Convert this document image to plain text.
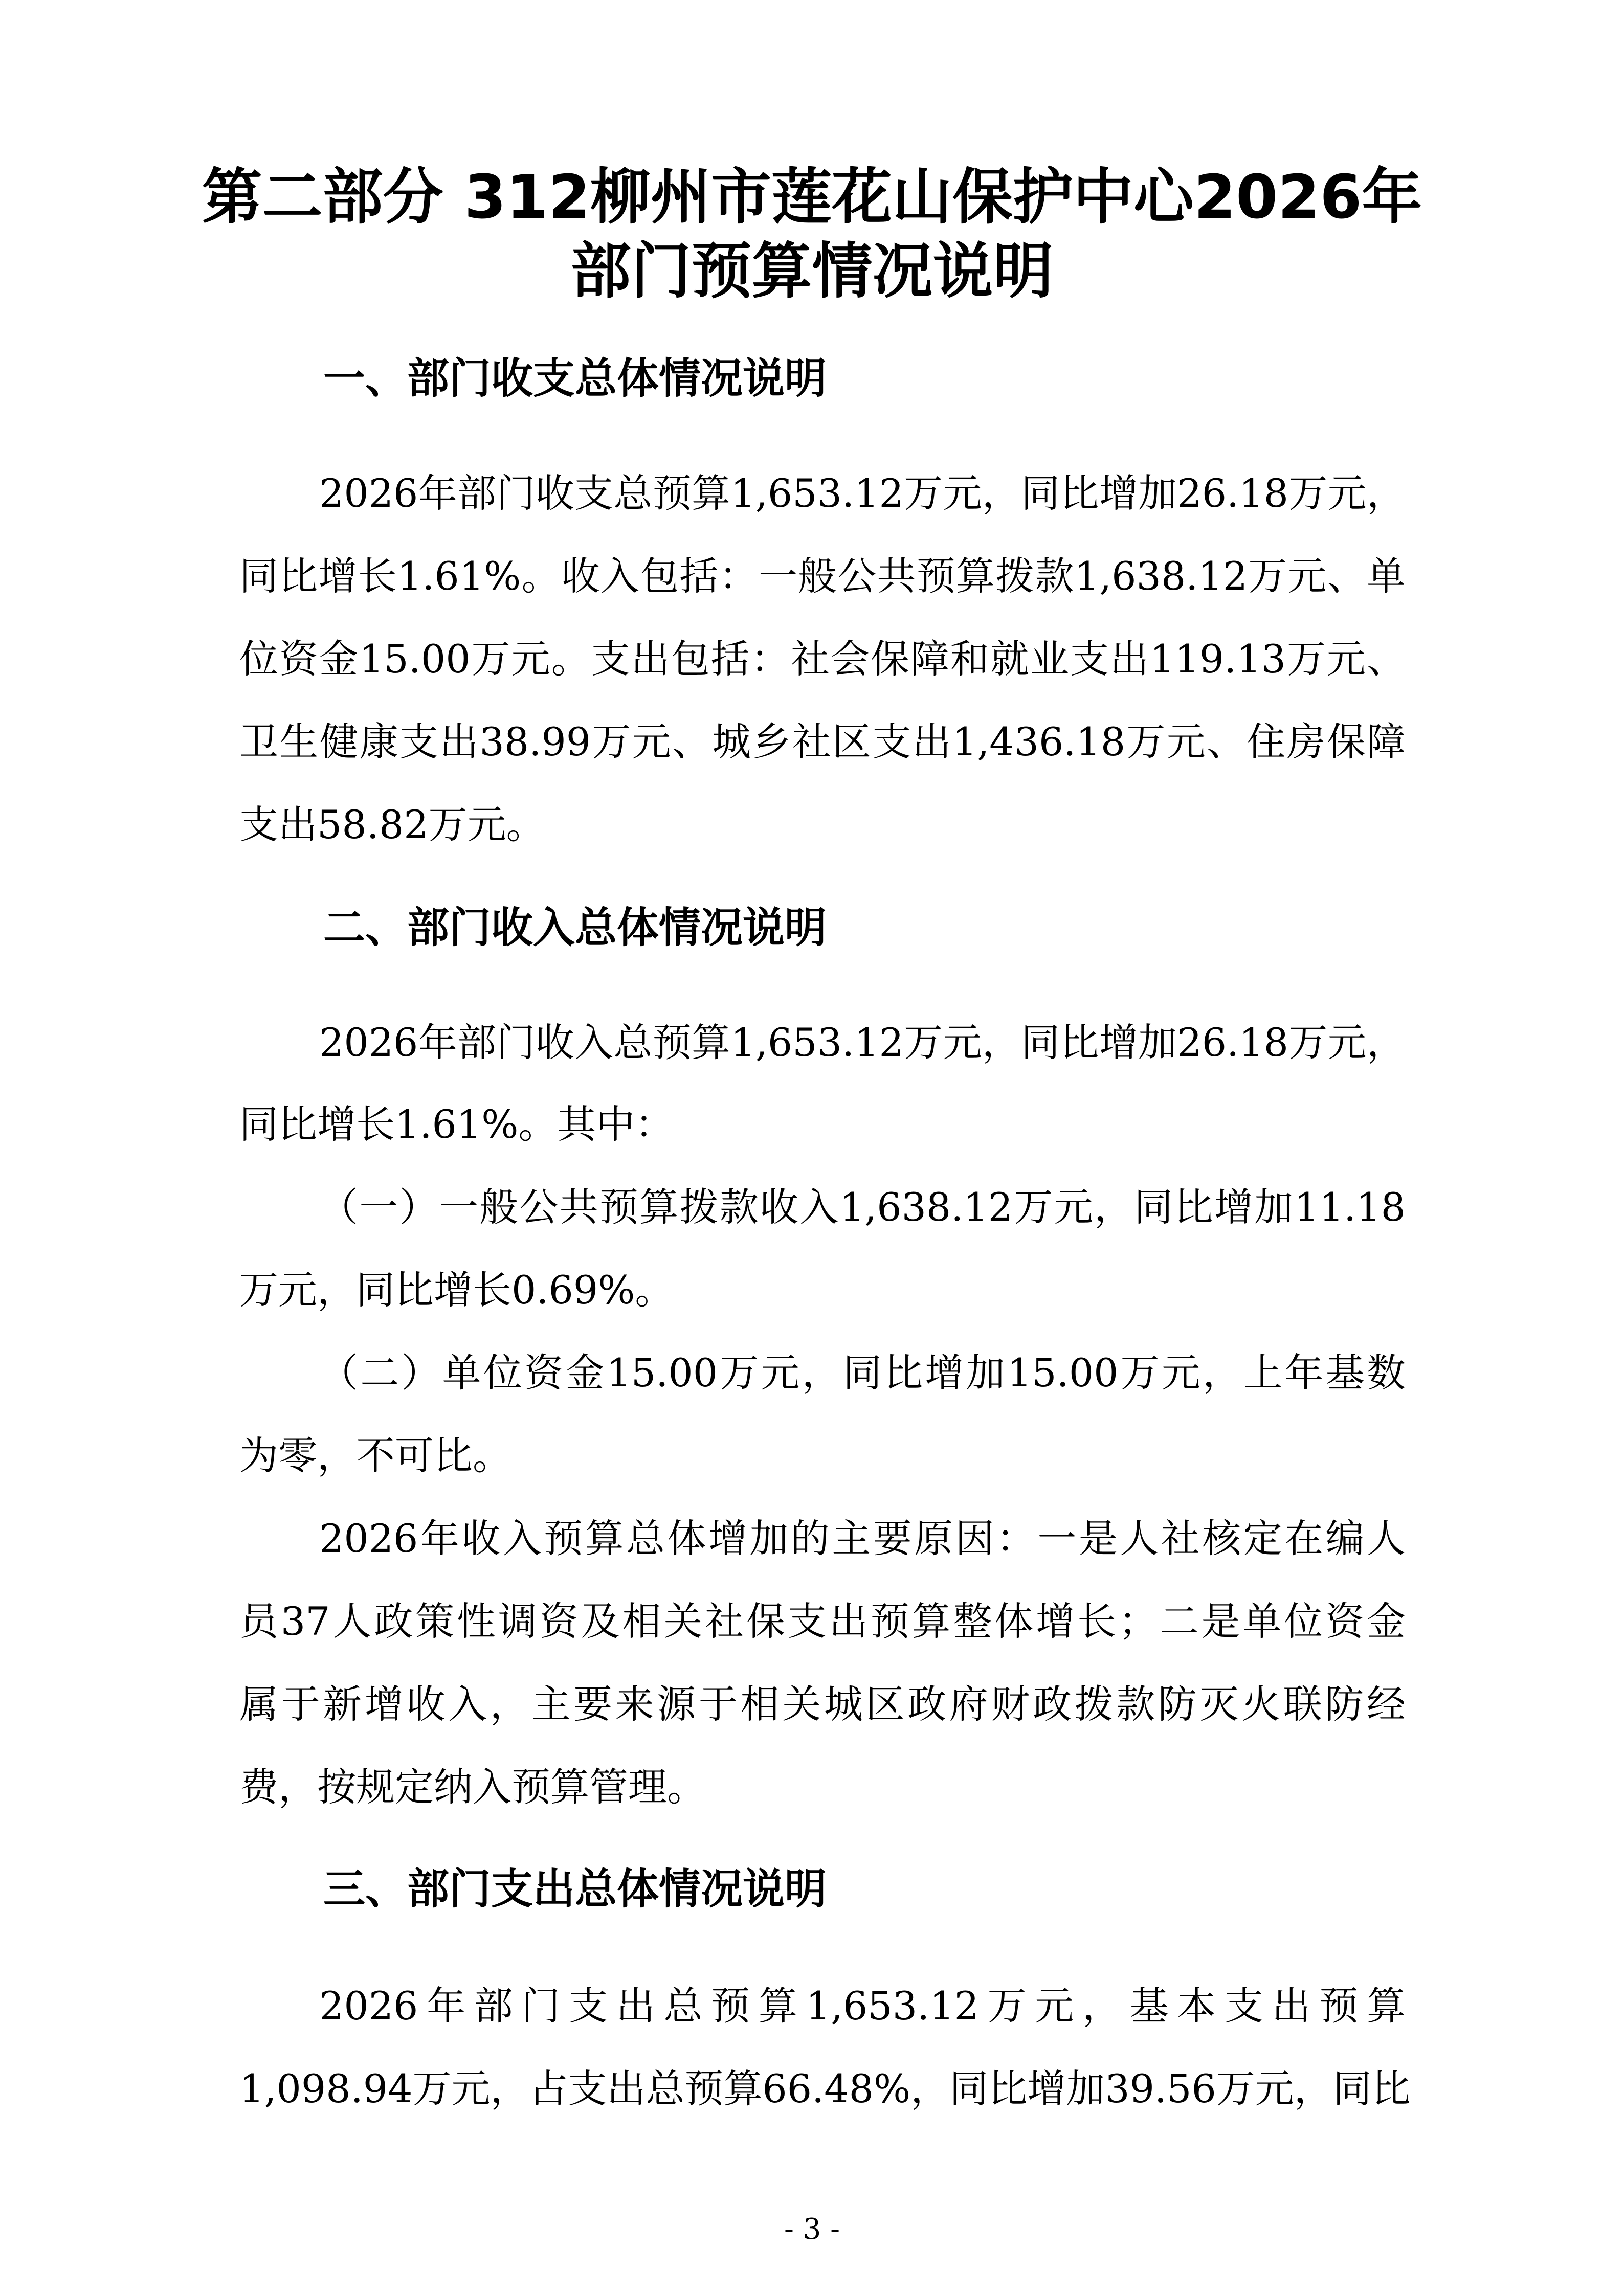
第二部分 312柳州市莲花山保护中心2026年
部门预算情况说明
一、部门收支总体情况说明
2026年部门收支总预算1,653.12万元，同比增加26.18万元，
同比增长1.61%。收入包括：一般公共预算拨款1,638.12万元、单
位资金15.00万元。支出包括：社会保障和就业支出119.13万元、
卫生健康支出38.99万元、城乡社区支出1,436.18万元、住房保障
支出58.82万元。
二、部门收入总体情况说明
2026年部门收入总预算1,653.12万元，同比增加26.18万元，
同比增长1.61%。其中：
（一）一般公共预算拨款收入1,638.12万元，同比增加11.18
万元，同比增长0.69%。
（二）单位资金15.00万元，同比增加15.00万元，上年基数
为零，不可比。
2026年收入预算总体增加的主要原因：一是人社核定在编人
员37人政策性调资及相关社保支出预算整体增长；二是单位资金
属于新增收入，主要来源于相关城区政府财政拨款防灭火联防经
费，按规定纳入预算管理。
三、部门支出总体情况说明
2026年部门支出总预算1,653.12万元，基本支出预算
1,098.94万元，占支出总预算66.48%，同比增加39.56万元，同比
- 3 -
